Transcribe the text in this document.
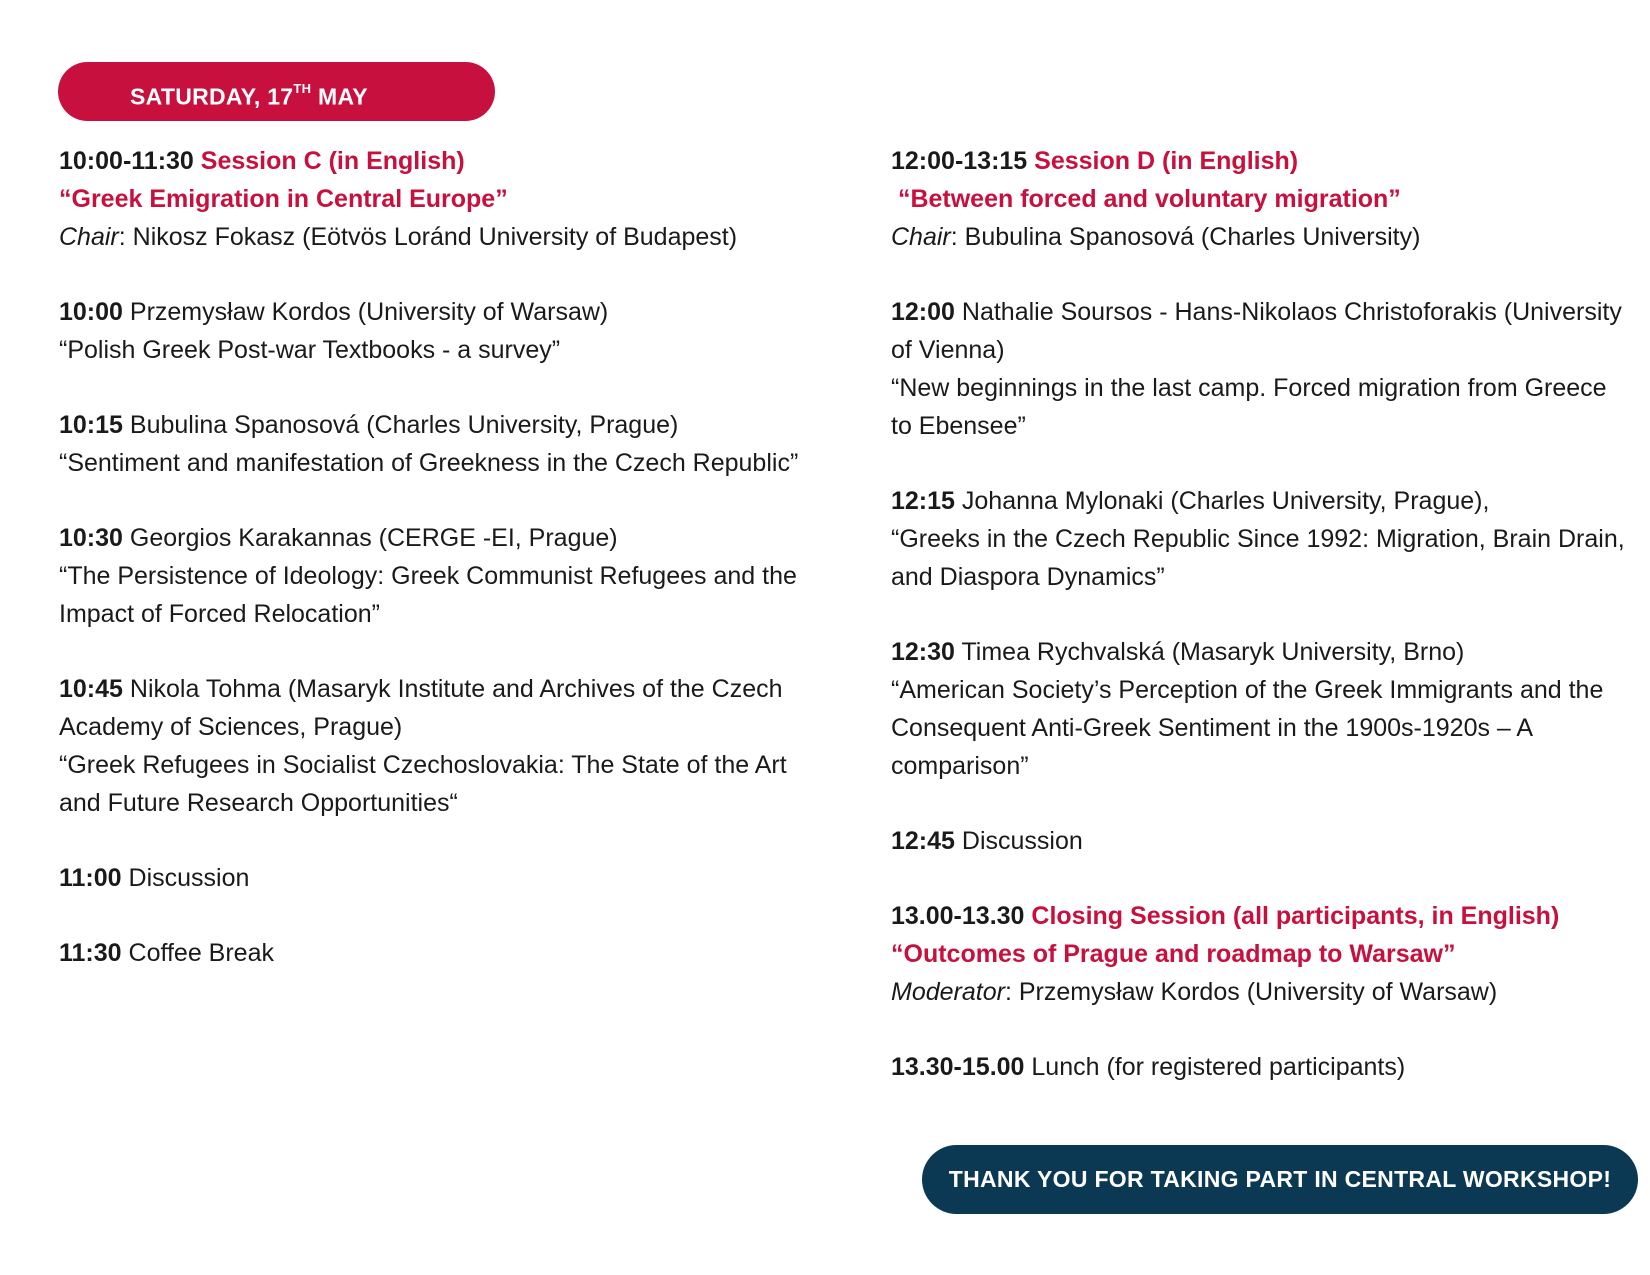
SATURDAY, 17TH MAY
10:00-11:30 Session C (in English)
“Greek Emigration in Central Europe”
Chair: Nikosz Fokasz (Eötvös Loránd University of Budapest)
10:00 Przemysław Kordos (University of Warsaw)
“Polish Greek Post-war Textbooks - a survey”
10:15 Bubulina Spanosová (Charles University, Prague)
“Sentiment and manifestation of Greekness in the Czech Republic”
10:30 Georgios Karakannas (CERGE -EI, Prague)
“The Persistence of Ideology: Greek Communist Refugees and the Impact of Forced Relocation”
10:45 Nikola Tohma (Masaryk Institute and Archives of the Czech Academy of Sciences, Prague)
“Greek Refugees in Socialist Czechoslovakia: The State of the Art and Future Research Opportunities“
11:00 Discussion
11:30 Coffee Break
12:00-13:15 Session D (in English)
“Between forced and voluntary migration”
Chair: Bubulina Spanosová (Charles University)
12:00 Nathalie Soursos - Hans-Nikolaos Christoforakis (University of Vienna)
“New beginnings in the last camp. Forced migration from Greece to Ebensee”
12:15 Johanna Mylonaki (Charles University, Prague),
“Greeks in the Czech Republic Since 1992: Migration, Brain Drain, and Diaspora Dynamics”
12:30 Timea Rychvalská (Masaryk University, Brno)
“American Society’s Perception of the Greek Immigrants and the Consequent Anti-Greek Sentiment in the 1900s-1920s – A comparison”
12:45 Discussion
13.00-13.30 Closing Session (all participants, in English)
“Outcomes of Prague and roadmap to Warsaw”
Moderator: Przemysław Kordos (University of Warsaw)
13.30-15.00 Lunch (for registered participants)
THANK YOU FOR TAKING PART IN CENTRAL WORKSHOP!
